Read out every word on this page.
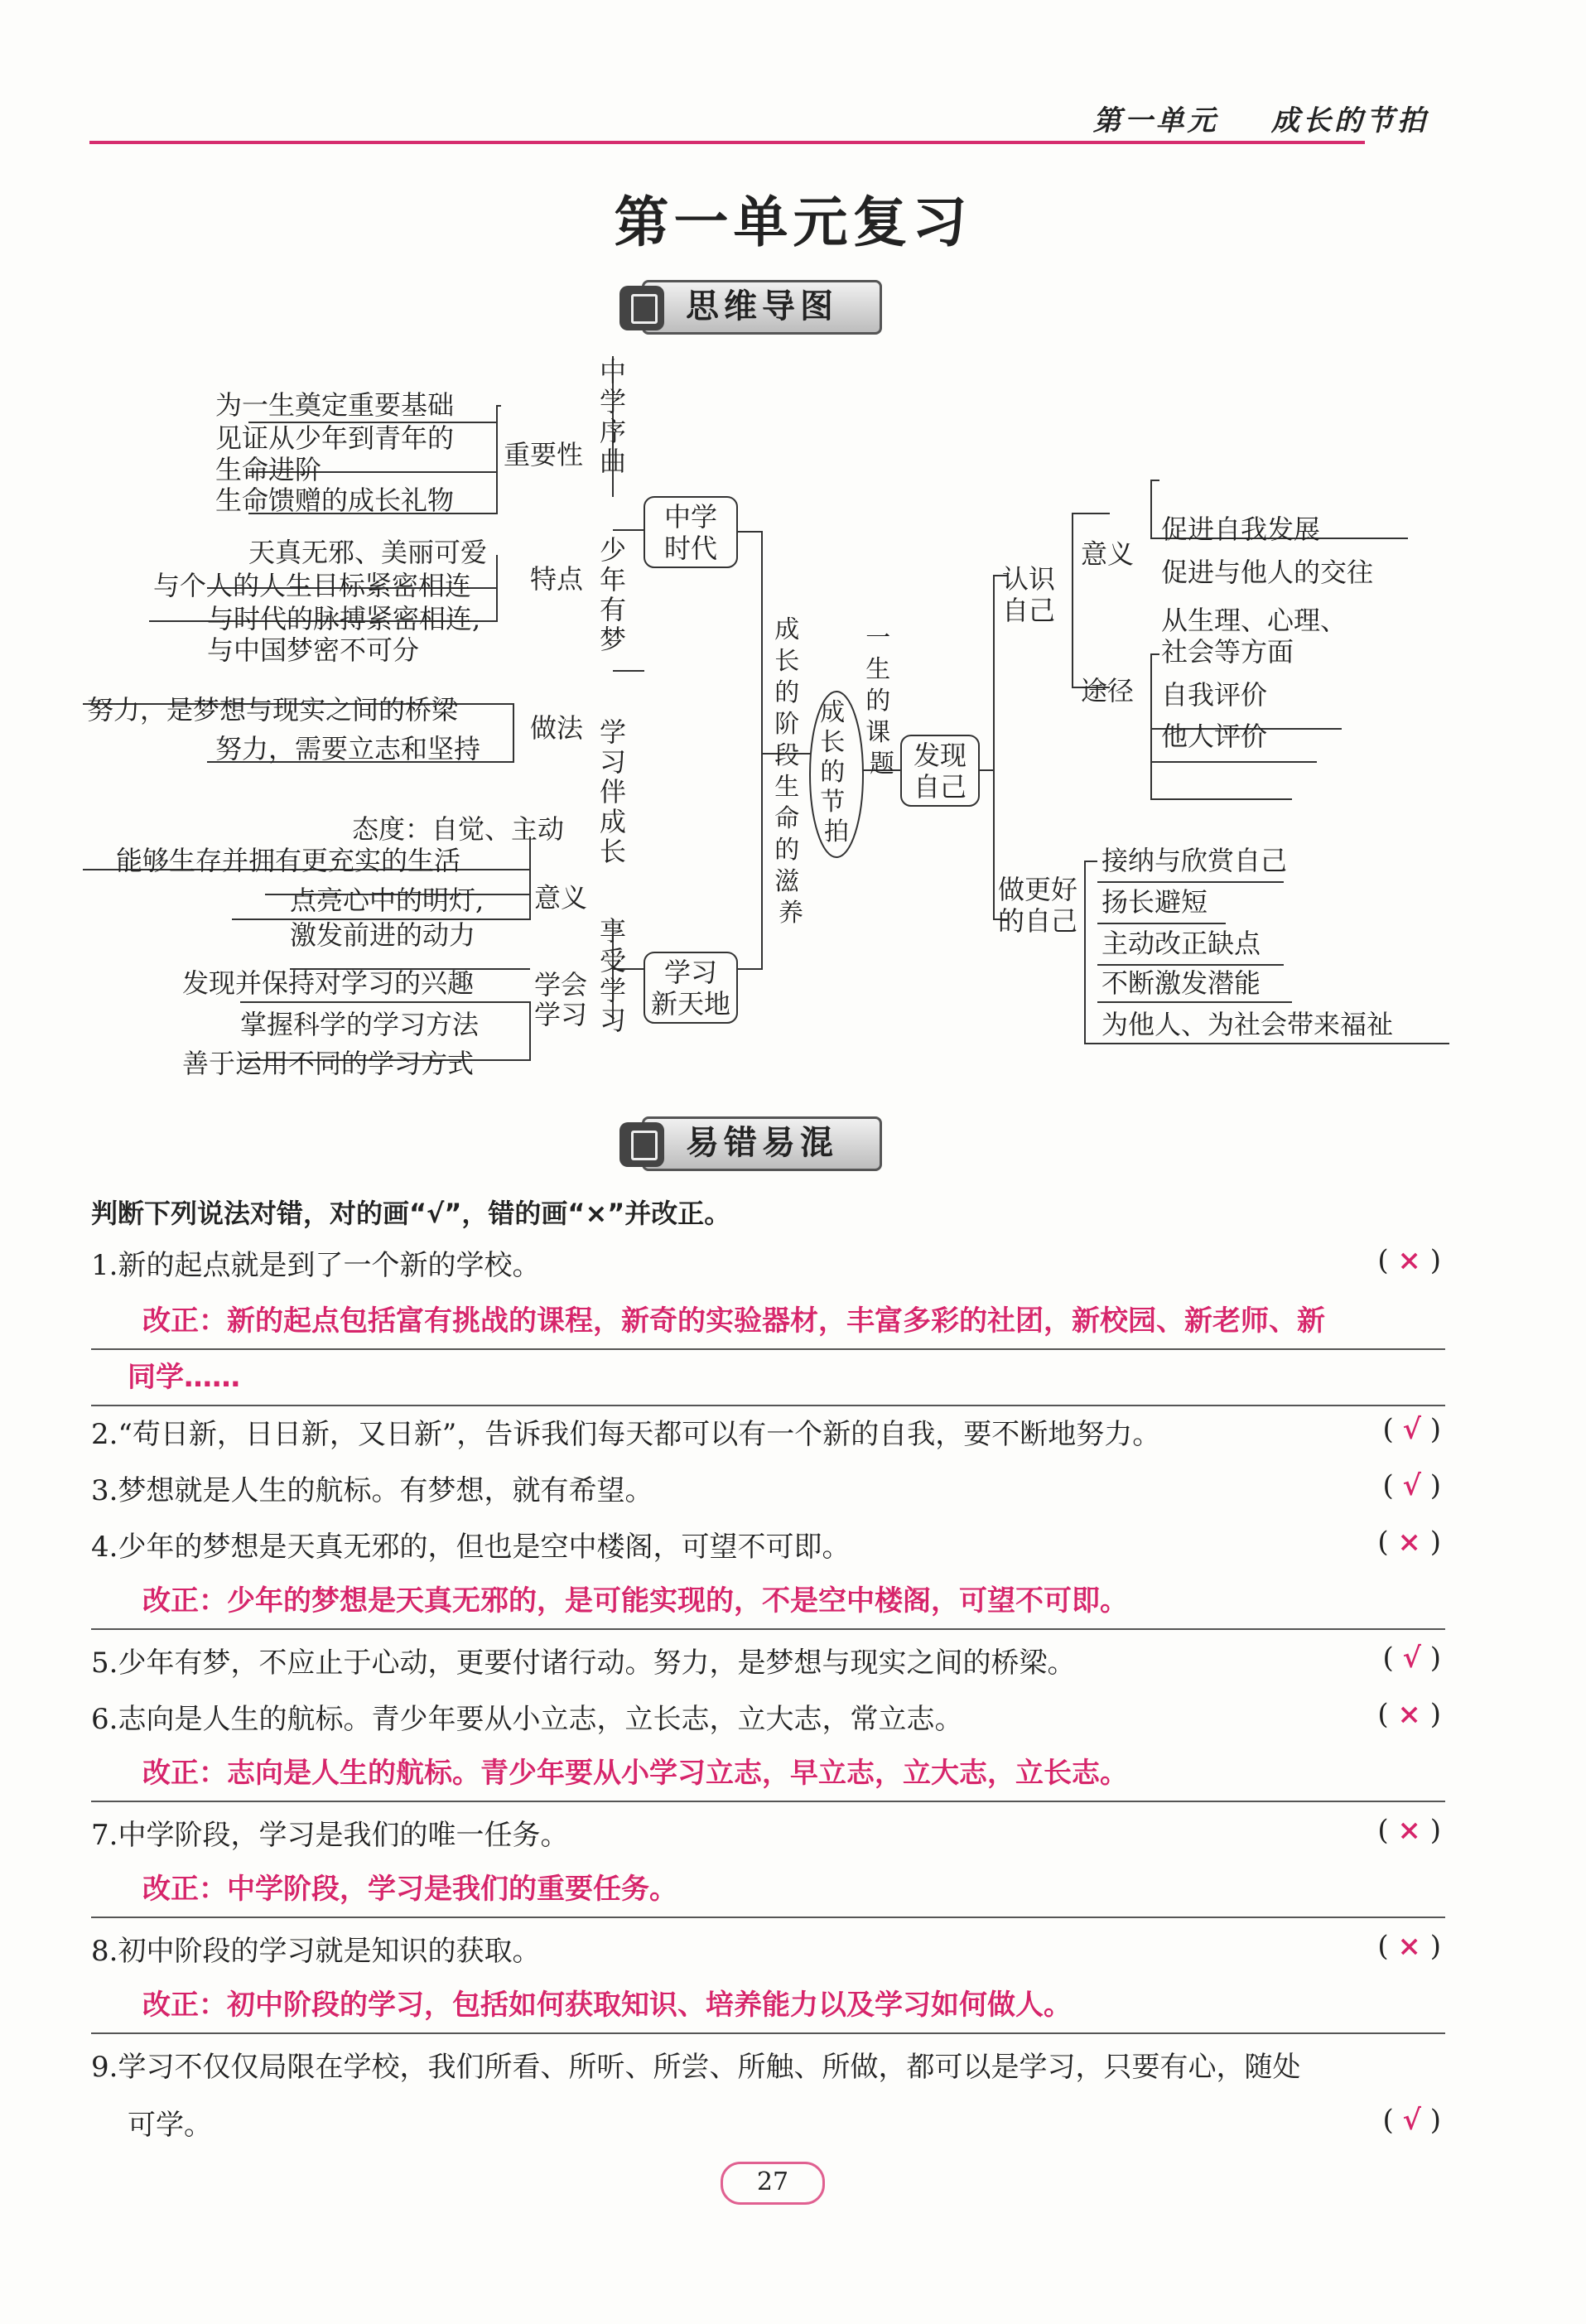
第一单元    成长的节拍
第一单元复习
思维导图
成 长 的 节 拍
成 长 的 阶 段 生 命 的 滋 养
一 生 的 课 题
中学时代
学习新天地
发现自己
中学序曲
少年有梦
学习伴成长
享受学习
重要性
为一生奠定重要基础
见证从少年到青年的
生命进阶
生命馈赠的成长礼物
特点
天真无邪、美丽可爱
与个人的人生目标紧密相连
与时代的脉搏紧密相连,
与中国梦密不可分
做法
努力，是梦想与现实之间的桥梁
努力，需要立志和坚持
意义
态度：自觉、主动
能够生存并拥有更充实的生活
点亮心中的明灯,
激发前进的动力
学会学习
发现并保持对学习的兴趣
掌握科学的学习方法
善于运用不同的学习方式
认识自己
意义
促进自我发展
促进与他人的交往
途径
从生理、心理、
社会等方面
自我评价
他人评价
做更好的自己
接纳与欣赏自己
扬长避短
主动改正缺点
不断激发潜能
为他人、为社会带来福祉
易错易混
判断下列说法对错，对的画“√”，错的画“×”并改正。
1.新的起点就是到了一个新的学校。	( × )
改正：新的起点包括富有挑战的课程，新奇的实验器材，丰富多彩的社团，新校园、新老师、新
同学……
2.“苟日新，日日新，又日新”，告诉我们每天都可以有一个新的自我，要不断地努力。	( √ )
3.梦想就是人生的航标。有梦想，就有希望。	( √ )
4.少年的梦想是天真无邪的，但也是空中楼阁，可望不可即。	( × )
改正：少年的梦想是天真无邪的，是可能实现的，不是空中楼阁，可望不可即。
5.少年有梦，不应止于心动，更要付诸行动。努力，是梦想与现实之间的桥梁。	( √ )
6.志向是人生的航标。青少年要从小立志，立长志，立大志，常立志。	( × )
改正：志向是人生的航标。青少年要从小学习立志，早立志，立大志，立长志。
7.中学阶段，学习是我们的唯一任务。	( × )
改正：中学阶段，学习是我们的重要任务。
8.初中阶段的学习就是知识的获取。	( × )
改正：初中阶段的学习，包括如何获取知识、培养能力以及学习如何做人。
9.学习不仅仅局限在学校，我们所看、所听、所尝、所触、所做，都可以是学习，只要有心，随处
可学。	( √ )
27
